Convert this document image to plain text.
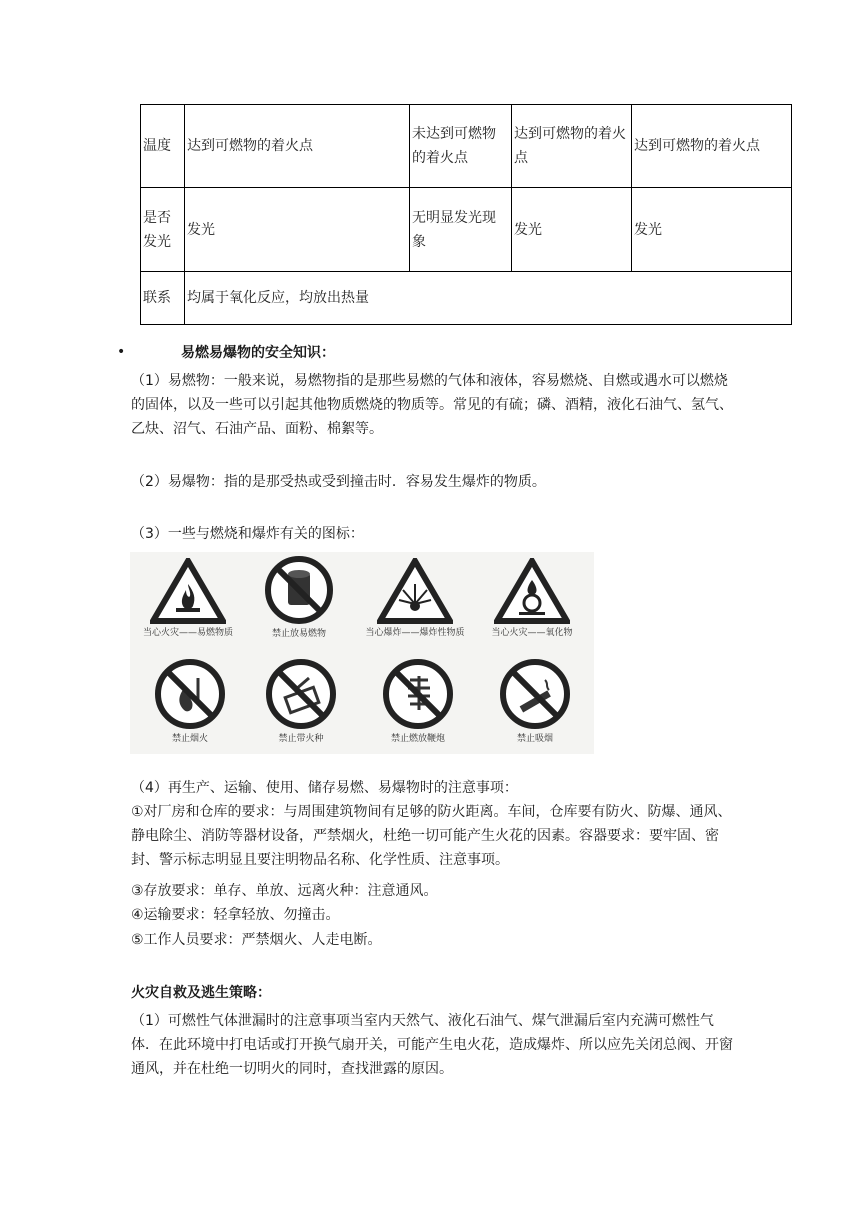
温度	达到可燃物的着火点	未达到可燃物的着火点	达到可燃物的着火点	达到可燃物的着火点
是否发光	发光	无明显发光现象	发光	发光
联系	均属于氧化反应，均放出热量			
•	易燃易爆物的安全知识：
（1）易燃物：一般来说，易燃物指的是那些易燃的气体和液体，容易燃烧、自燃或遇水可以燃烧的固体，以及一些可以引起其他物质燃烧的物质等。常见的有硫；磷、酒精，液化石油气、氢气、乙炔、沼气、石油产品、面粉、棉絮等。
（2）易爆物：指的是那受热或受到撞击时．容易发生爆炸的物质。
（3）一些与燃烧和爆炸有关的图标：
当心火灾——易燃物质	禁止放易燃物	当心爆炸——爆炸性物质	当心火灾——氧化物
禁止烟火	禁止带火种	禁止燃放鞭炮	禁止吸烟
（4）再生产、运输、使用、储存易燃、易爆物时的注意事项：
①对厂房和仓库的要求：与周围建筑物间有足够的防火距离。车间，仓库要有防火、防爆、通风、静电除尘、消防等器材设备，严禁烟火，杜绝一切可能产生火花的因素。容器要求：要牢固、密封、警示标志明显且要注明物品名称、化学性质、注意事项。
③存放要求：单存、单放、远离火种：注意通风。
④运输要求：轻拿轻放、勿撞击。
⑤工作人员要求：严禁烟火、人走电断。
火灾自救及逃生策略：
（1）可燃性气体泄漏时的注意事项当室内天然气、液化石油气、煤气泄漏后室内充满可燃性气体．在此环境中打电话或打开换气扇开关，可能产生电火花，造成爆炸、所以应先关闭总阀、开窗通风，并在杜绝一切明火的同时，查找泄露的原因。
